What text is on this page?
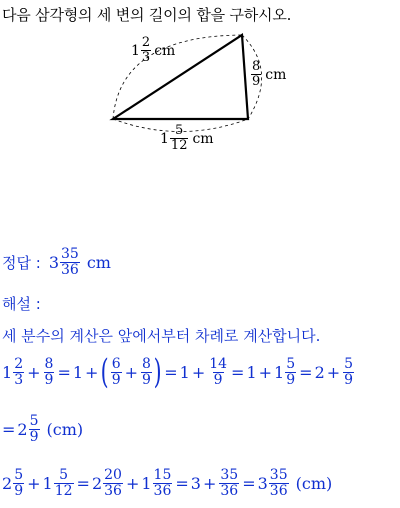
다음 삼각형의 세 변의 길이의 합을 구하시오.
$1 \frac{2}{3}$ cm
$\frac{8}{9}$ cm
$1 \frac{5}{12}$ cm
정답 : $3 \frac{35}{36}$ cm
해설 :
세 분수의 계산은 앞에서부터 차례로 계산합니다.
$1 \frac{2}{3} + \frac{8}{9} = 1$ + ( $\frac{6}{9} + \frac{8}{9}$ ) = $1 + \frac{14}{9} = 1 + 1 \frac{5}{9} = 2 + \frac{5}{9}$
= $2 \frac{5}{9} (cm)$
$2 \frac{5}{9} + 1 \frac{5}{12} = 2 \frac{20}{36} + 1 \frac{15}{36} = 3 + \frac{35}{36} = 3 \frac{35}{36} (cm)$
